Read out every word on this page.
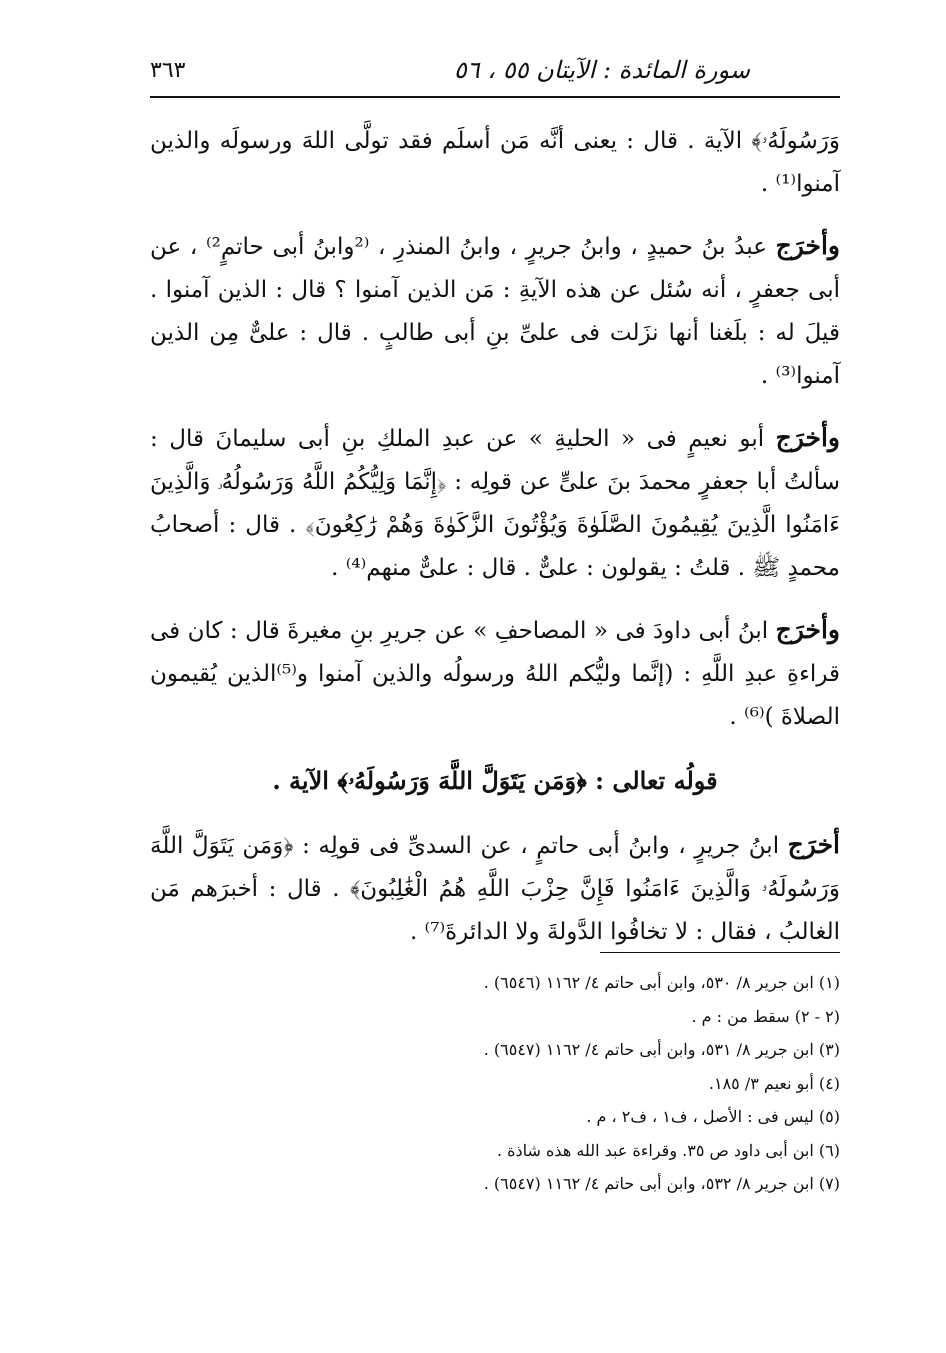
سورة المائدة : الآيتان ٥٥ ، ٥٦
٣٦٣

وَرَسُولَهُۥ﴾ الآية . قال : يعنى أنَّه مَن أسلَم فقد تولَّى اللهَ ورسولَه والذين آمنوا⁽¹⁾ .

وأخرَج عبدُ بنُ حميدٍ ، وابنُ جريرٍ ، وابنُ المنذرِ ، ⁽²وابنُ أبى حاتمٍ²⁾ ، عن أبى جعفرٍ ، أنه سُئل عن هذه الآيةِ : مَن الذين آمنوا ؟ قال : الذين آمنوا . قيلَ له : بلَغنا أنها نزَلت فى علىِّ بنِ أبى طالبٍ . قال : علىٌّ مِن الذين آمنوا⁽³⁾ .

وأخرَج أبو نعيمٍ فى « الحليةِ » عن عبدِ الملكِ بنِ أبى سليمانَ قال : سألتُ أبا جعفرٍ محمدَ بنَ علىٍّ عن قولِه : ﴿إِنَّمَا وَلِيُّكُمُ اللَّهُ وَرَسُولُهُۥ وَالَّذِينَ ءَامَنُوا الَّذِينَ يُقِيمُونَ الصَّلَوٰةَ وَيُؤْتُونَ الزَّكَوٰةَ وَهُمْ رَٰكِعُونَ﴾ . قال : أصحابُ محمدٍ ﷺ . قلتُ : يقولون : علىٌّ . قال : علىٌّ منهم⁽⁴⁾ .

وأخرَج ابنُ أبى داودَ فى « المصاحفِ » عن جريرِ بنِ مغيرةَ قال : كان فى قراءةِ عبدِ اللَّهِ : (إنَّما وليُّكم اللهُ ورسولُه والذين آمنوا و⁽⁵⁾الذين يُقيمون الصلاةَ )⁽⁶⁾ .

قولُه تعالى : ﴿وَمَن يَتَوَلَّ اللَّهَ وَرَسُولَهُۥ﴾ الآية .

أخرَج ابنُ جريرٍ ، وابنُ أبى حاتمٍ ، عن السدىِّ فى قولِه : ﴿وَمَن يَتَوَلَّ اللَّهَ وَرَسُولَهُۥ وَالَّذِينَ ءَامَنُوا فَإِنَّ حِزْبَ اللَّهِ هُمُ الْغَٰلِبُونَ﴾ . قال : أخبرَهم مَن الغالبُ ، فقال : لا تخافُوا الدَّولةَ ولا الدائرةَ⁽⁷⁾ .

(١) ابن جرير ٨/ ٥٣٠، وابن أبى حاتم ٤/ ١١٦٢ (٦٥٤٦) .
(٢ - ٢) سقط من : م .
(٣) ابن جرير ٨/ ٥٣١، وابن أبى حاتم ٤/ ١١٦٢ (٦٥٤٧) .
(٤) أبو نعيم ٣/ ١٨٥.
(٥) ليس فى : الأصل ، ف١ ، ف٢ ، م .
(٦) ابن أبى داود ص ٣٥. وقراءة عبد الله هذه شاذة .
(٧) ابن جرير ٨/ ٥٣٢، وابن أبى حاتم ٤/ ١١٦٢ (٦٥٤٧) .
